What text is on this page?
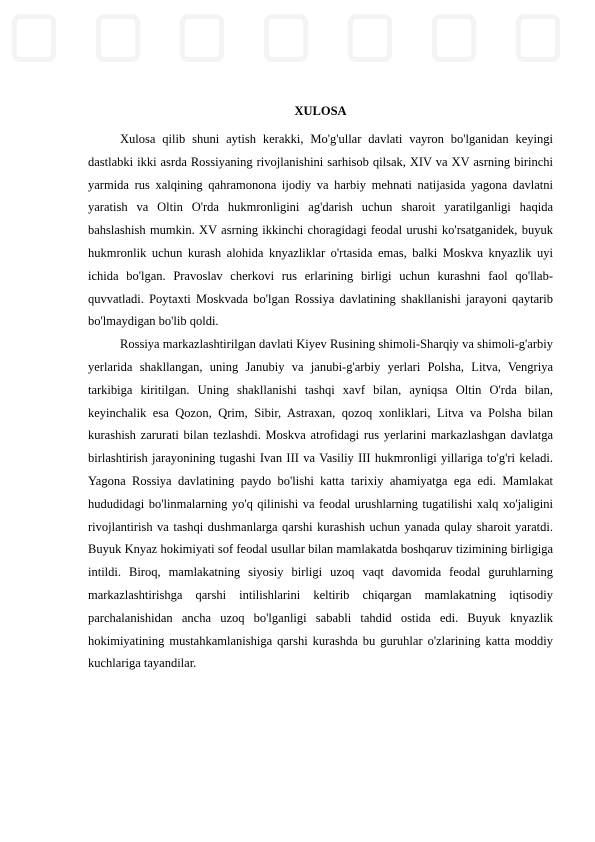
XULOSA

Xulosa qilib shuni aytish kerakki, Mo'g'ullar davlati vayron bo'lganidan keyingi dastlabki ikki asrda Rossiyaning rivojlanishini sarhisob qilsak, XIV va XV asrning birinchi yarmida rus xalqining qahramonona ijodiy va harbiy mehnati natijasida yagona davlatni yaratish va Oltin O'rda hukmronligini ag'darish uchun sharoit yaratilganligi haqida bahslashish mumkin. XV asrning ikkinchi choragidagi feodal urushi ko'rsatganidek, buyuk hukmronlik uchun kurash alohida knyazliklar o'rtasida emas, balki Moskva knyazlik uyi ichida bo'lgan. Pravoslav cherkovi rus erlarining birligi uchun kurashni faol qo'llab-quvvatladi. Poytaxti Moskvada bo'lgan Rossiya davlatining shakllanishi jarayoni qaytarib bo'lmaydigan bo'lib qoldi.

Rossiya markazlashtirilgan davlati Kiyev Rusining shimoli-Sharqiy va shimoli-g'arbiy yerlarida shakllangan, uning Janubiy va janubi-g'arbiy yerlari Polsha, Litva, Vengriya tarkibiga kiritilgan. Uning shakllanishi tashqi xavf bilan, ayniqsa Oltin O'rda bilan, keyinchalik esa Qozon, Qrim, Sibir, Astraxan, qozoq xonliklari, Litva va Polsha bilan kurashish zarurati bilan tezlashdi. Moskva atrofidagi rus yerlarini markazlashgan davlatga birlashtirish jarayonining tugashi Ivan III va Vasiliy III hukmronligi yillariga to'g'ri keladi. Yagona Rossiya davlatining paydo bo'lishi katta tarixiy ahamiyatga ega edi. Mamlakat hududidagi bo'linmalarning yo'q qilinishi va feodal urushlarning tugatilishi xalq xo'jaligini rivojlantirish va tashqi dushmanlarga qarshi kurashish uchun yanada qulay sharoit yaratdi. Buyuk Knyaz hokimiyati sof feodal usullar bilan mamlakatda boshqaruv tizimining birligiga intildi. Biroq, mamlakatning siyosiy birligi uzoq vaqt davomida feodal guruhlarning markazlashtirishga qarshi intilishlarini keltirib chiqargan mamlakatning iqtisodiy parchalanishidan ancha uzoq bo'lganligi sababli tahdid ostida edi. Buyuk knyazlik hokimiyatining mustahkamlanishiga qarshi kurashda bu guruhlar o'zlarining katta moddiy kuchlariga tayandilar.
